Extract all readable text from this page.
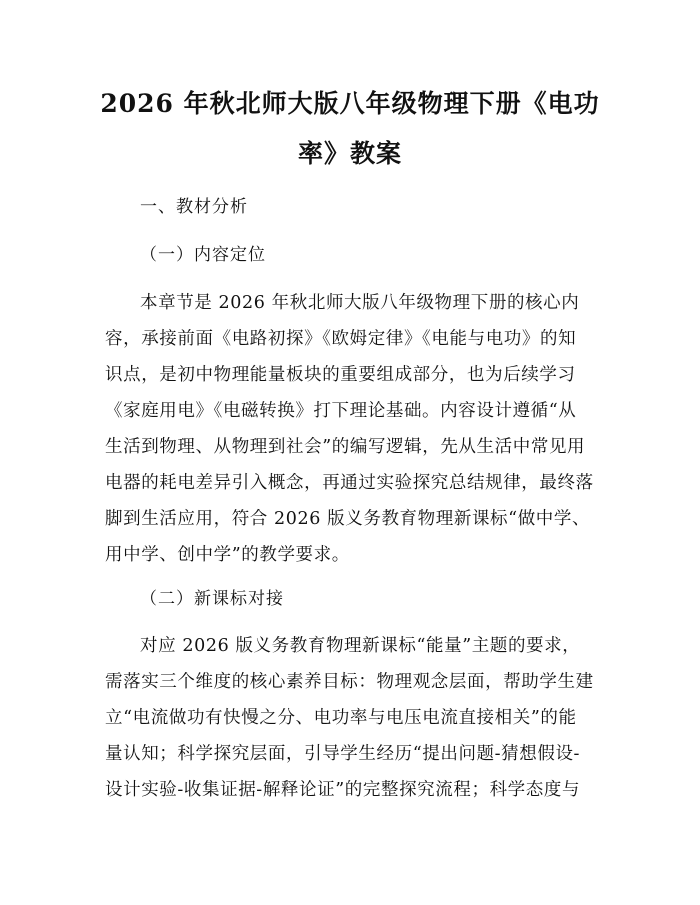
2026 年秋北师大版八年级物理下册《电功
率》教案
一、教材分析
（一）内容定位
本章节是 2026 年秋北师大版八年级物理下册的核心内
容，承接前面《电路初探》《欧姆定律》《电能与电功》的知
识点，是初中物理能量板块的重要组成部分，也为后续学习
《家庭用电》《电磁转换》打下理论基础。内容设计遵循“从
生活到物理、从物理到社会”的编写逻辑，先从生活中常见用
电器的耗电差异引入概念，再通过实验探究总结规律，最终落
脚到生活应用，符合 2026 版义务教育物理新课标“做中学、
用中学、创中学”的教学要求。
（二）新课标对接
对应 2026 版义务教育物理新课标“能量”主题的要求，
需落实三个维度的核心素养目标：物理观念层面，帮助学生建
立“电流做功有快慢之分、电功率与电压电流直接相关”的能
量认知；科学探究层面，引导学生经历“提出问题-猜想假设-
设计实验-收集证据-解释论证”的完整探究流程；科学态度与
